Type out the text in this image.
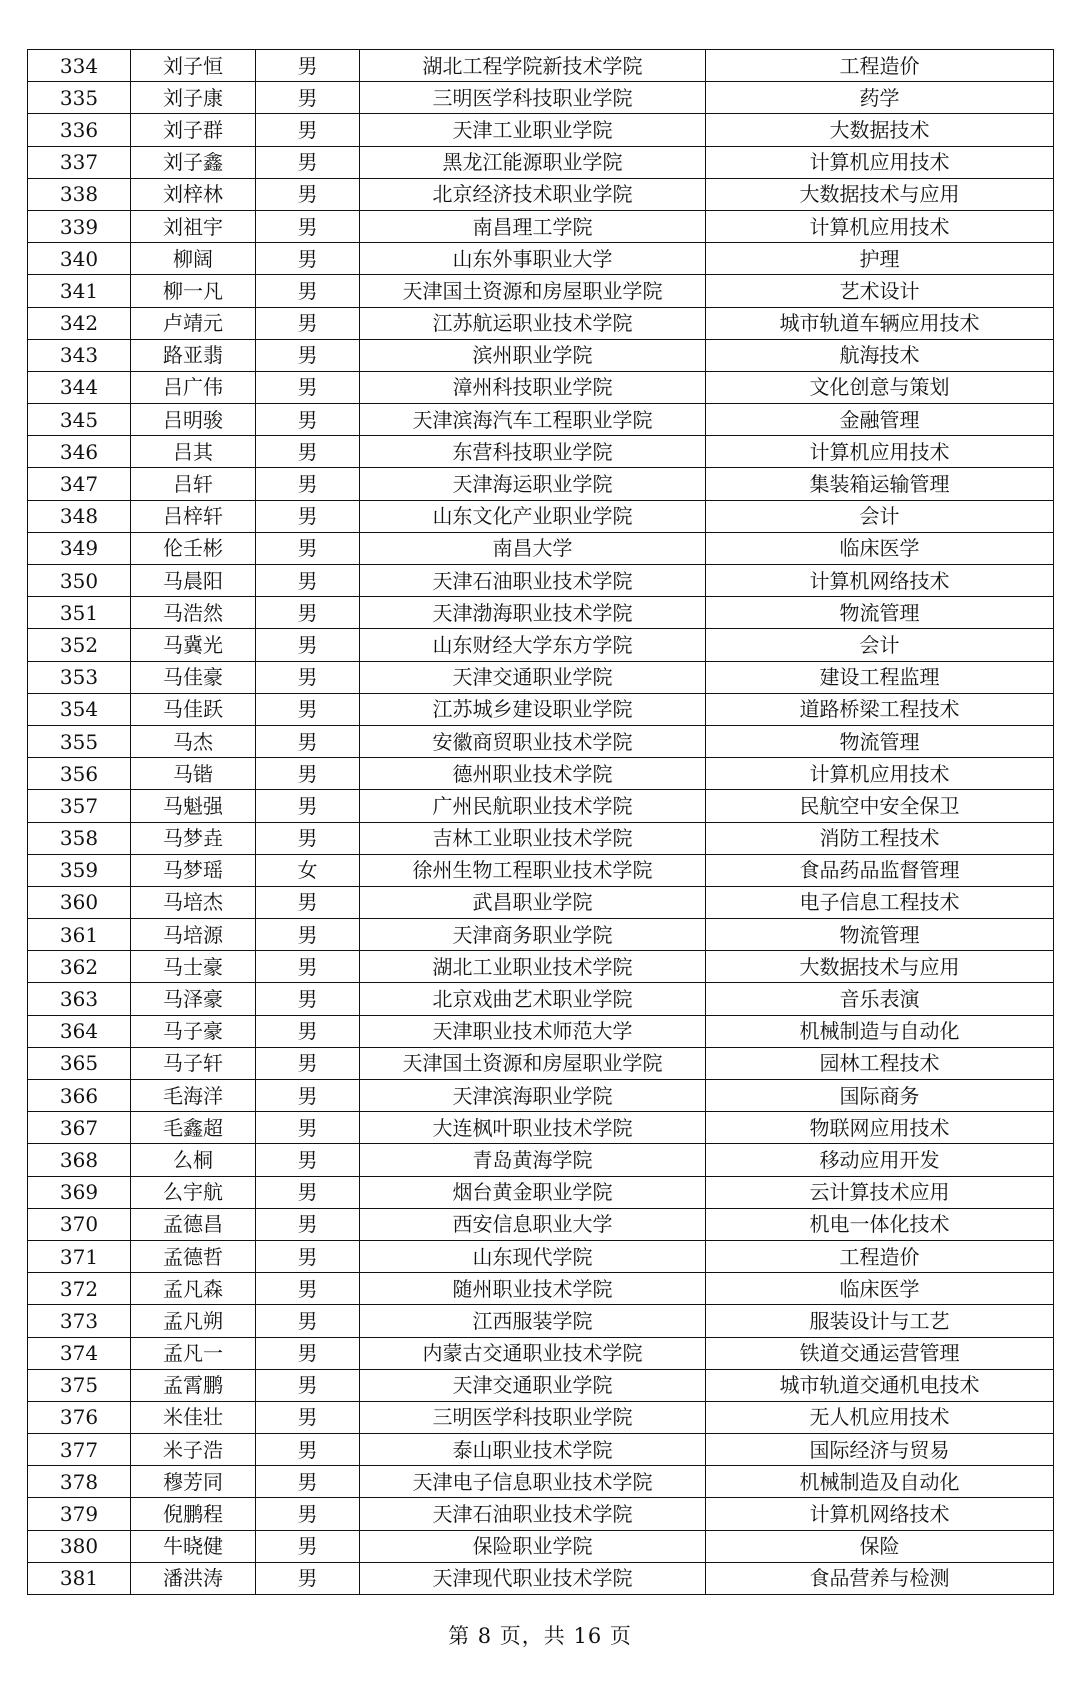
334	刘子恒	男	湖北工程学院新技术学院	工程造价
335	刘子康	男	三明医学科技职业学院	药学
336	刘子群	男	天津工业职业学院	大数据技术
337	刘子鑫	男	黑龙江能源职业学院	计算机应用技术
338	刘梓林	男	北京经济技术职业学院	大数据技术与应用
339	刘祖宇	男	南昌理工学院	计算机应用技术
340	柳阔	男	山东外事职业大学	护理
341	柳一凡	男	天津国土资源和房屋职业学院	艺术设计
342	卢靖元	男	江苏航运职业技术学院	城市轨道车辆应用技术
343	路亚翡	男	滨州职业学院	航海技术
344	吕广伟	男	漳州科技职业学院	文化创意与策划
345	吕明骏	男	天津滨海汽车工程职业学院	金融管理
346	吕其	男	东营科技职业学院	计算机应用技术
347	吕轩	男	天津海运职业学院	集装箱运输管理
348	吕梓轩	男	山东文化产业职业学院	会计
349	伦壬彬	男	南昌大学	临床医学
350	马晨阳	男	天津石油职业技术学院	计算机网络技术
351	马浩然	男	天津渤海职业技术学院	物流管理
352	马冀光	男	山东财经大学东方学院	会计
353	马佳豪	男	天津交通职业学院	建设工程监理
354	马佳跃	男	江苏城乡建设职业学院	道路桥梁工程技术
355	马杰	男	安徽商贸职业技术学院	物流管理
356	马锴	男	德州职业技术学院	计算机应用技术
357	马魁强	男	广州民航职业技术学院	民航空中安全保卫
358	马梦垚	男	吉林工业职业技术学院	消防工程技术
359	马梦瑶	女	徐州生物工程职业技术学院	食品药品监督管理
360	马培杰	男	武昌职业学院	电子信息工程技术
361	马培源	男	天津商务职业学院	物流管理
362	马士豪	男	湖北工业职业技术学院	大数据技术与应用
363	马泽豪	男	北京戏曲艺术职业学院	音乐表演
364	马子豪	男	天津职业技术师范大学	机械制造与自动化
365	马子轩	男	天津国土资源和房屋职业学院	园林工程技术
366	毛海洋	男	天津滨海职业学院	国际商务
367	毛鑫超	男	大连枫叶职业技术学院	物联网应用技术
368	么桐	男	青岛黄海学院	移动应用开发
369	么宇航	男	烟台黄金职业学院	云计算技术应用
370	孟德昌	男	西安信息职业大学	机电一体化技术
371	孟德哲	男	山东现代学院	工程造价
372	孟凡森	男	随州职业技术学院	临床医学
373	孟凡朔	男	江西服装学院	服装设计与工艺
374	孟凡一	男	内蒙古交通职业技术学院	铁道交通运营管理
375	孟霄鹏	男	天津交通职业学院	城市轨道交通机电技术
376	米佳壮	男	三明医学科技职业学院	无人机应用技术
377	米子浩	男	泰山职业技术学院	国际经济与贸易
378	穆芳同	男	天津电子信息职业技术学院	机械制造及自动化
379	倪鹏程	男	天津石油职业技术学院	计算机网络技术
380	牛晓健	男	保险职业学院	保险
381	潘洪涛	男	天津现代职业技术学院	食品营养与检测
第 8 页，共 16 页
